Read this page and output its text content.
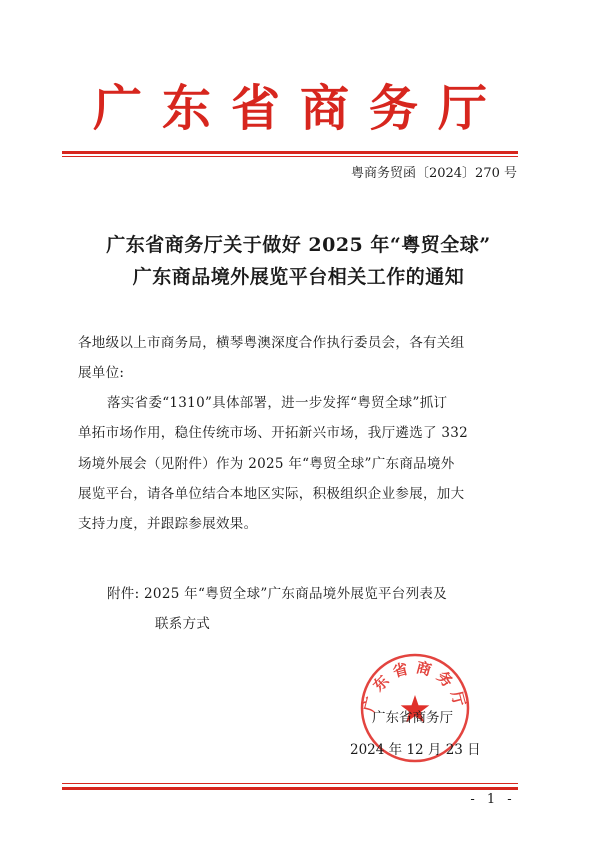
广东省商务厅
粤商务贸函〔2024〕270 号
广东省商务厅关于做好 2025 年“粤贸全球”
广东商品境外展览平台相关工作的通知
各地级以上市商务局，横琴粤澳深度合作执行委员会，各有关组
展单位:
落实省委“1310”具体部署，进一步发挥“粤贸全球”抓订
单拓市场作用，稳住传统市场、开拓新兴市场，我厅遴选了 332
场境外展会（见附件）作为 2025 年“粤贸全球”广东商品境外
展览平台，请各单位结合本地区实际，积极组织企业参展，加大
支持力度，并跟踪参展效果。
附件: 2025 年“粤贸全球”广东商品境外展览平台列表及
联系方式
广东省商务厅
广东省商务厅
2024 年 12 月 23 日
- 1 -
